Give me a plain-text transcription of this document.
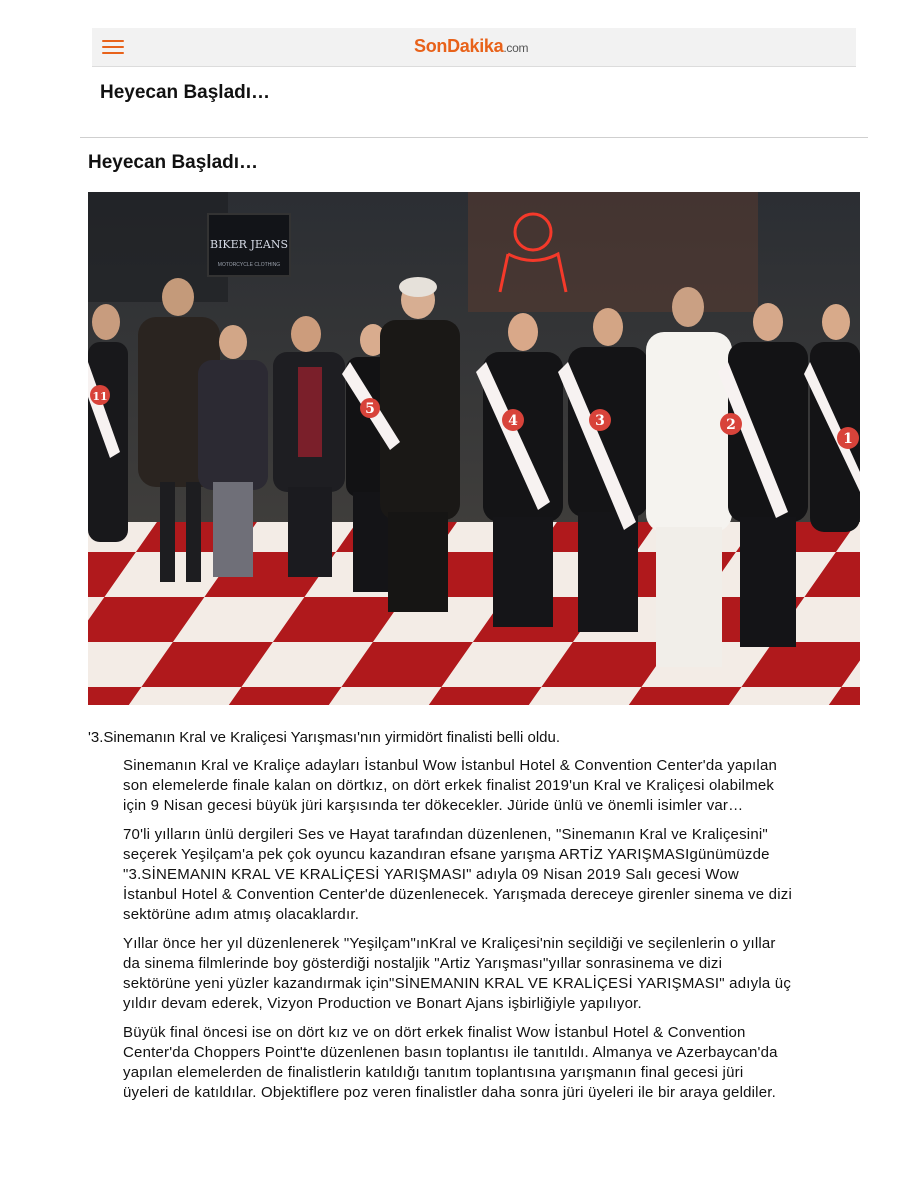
SonDakika.com
Heyecan Başladı…
Heyecan Başladı…
BIKER JEANS
MOTORCYCLE CLOTHING
5
4	3	2
1
11

'3.Sinemanın Kral ve Kraliçesi Yarışması'nın yirmidört finalisti belli oldu.

Sinemanın Kral ve Kraliçe adayları İstanbul Wow İstanbul Hotel & Convention Center'da yapılan son elemelerde finale kalan on dörtkız, on dört erkek finalist 2019'un Kral ve Kraliçesi olabilmek için 9 Nisan gecesi büyük jüri karşısında ter dökecekler. Jüride ünlü ve önemli isimler var…

70'li yılların ünlü dergileri Ses ve Hayat tarafından düzenlenen, "Sinemanın Kral ve Kraliçesini" seçerek Yeşilçam'a pek çok oyuncu kazandıran efsane yarışma ARTİZ YARIŞMASIgünümüzde "3.SİNEMANIN KRAL VE KRALİÇESİ YARIŞMASI" adıyla 09 Nisan 2019 Salı gecesi Wow İstanbul Hotel & Convention Center'de düzenlenecek. Yarışmada dereceye girenler sinema ve dizi sektörüne adım atmış olacaklardır.

Yıllar önce her yıl düzenlenerek "Yeşilçam"ınKral ve Kraliçesi'nin seçildiği ve seçilenlerin o yıllar da sinema filmlerinde boy gösterdiği nostaljik "Artiz Yarışması"yıllar sonrasinema ve dizi sektörüne yeni yüzler kazandırmak için"SİNEMANIN KRAL VE KRALİÇESİ YARIŞMASI" adıyla üç yıldır devam ederek, Vizyon Production ve Bonart Ajans işbirliğiyle yapılıyor.

Büyük final öncesi ise on dört kız ve on dört erkek finalist Wow İstanbul Hotel & Convention Center'da Choppers Point'te düzenlenen basın toplantısı ile tanıtıldı. Almanya ve Azerbaycan'da yapılan elemelerden de finalistlerin katıldığı tanıtım toplantısına yarışmanın final gecesi jüri üyeleri de katıldılar. Objektiflere poz veren finalistler daha sonra jüri üyeleri ile bir araya geldiler.
